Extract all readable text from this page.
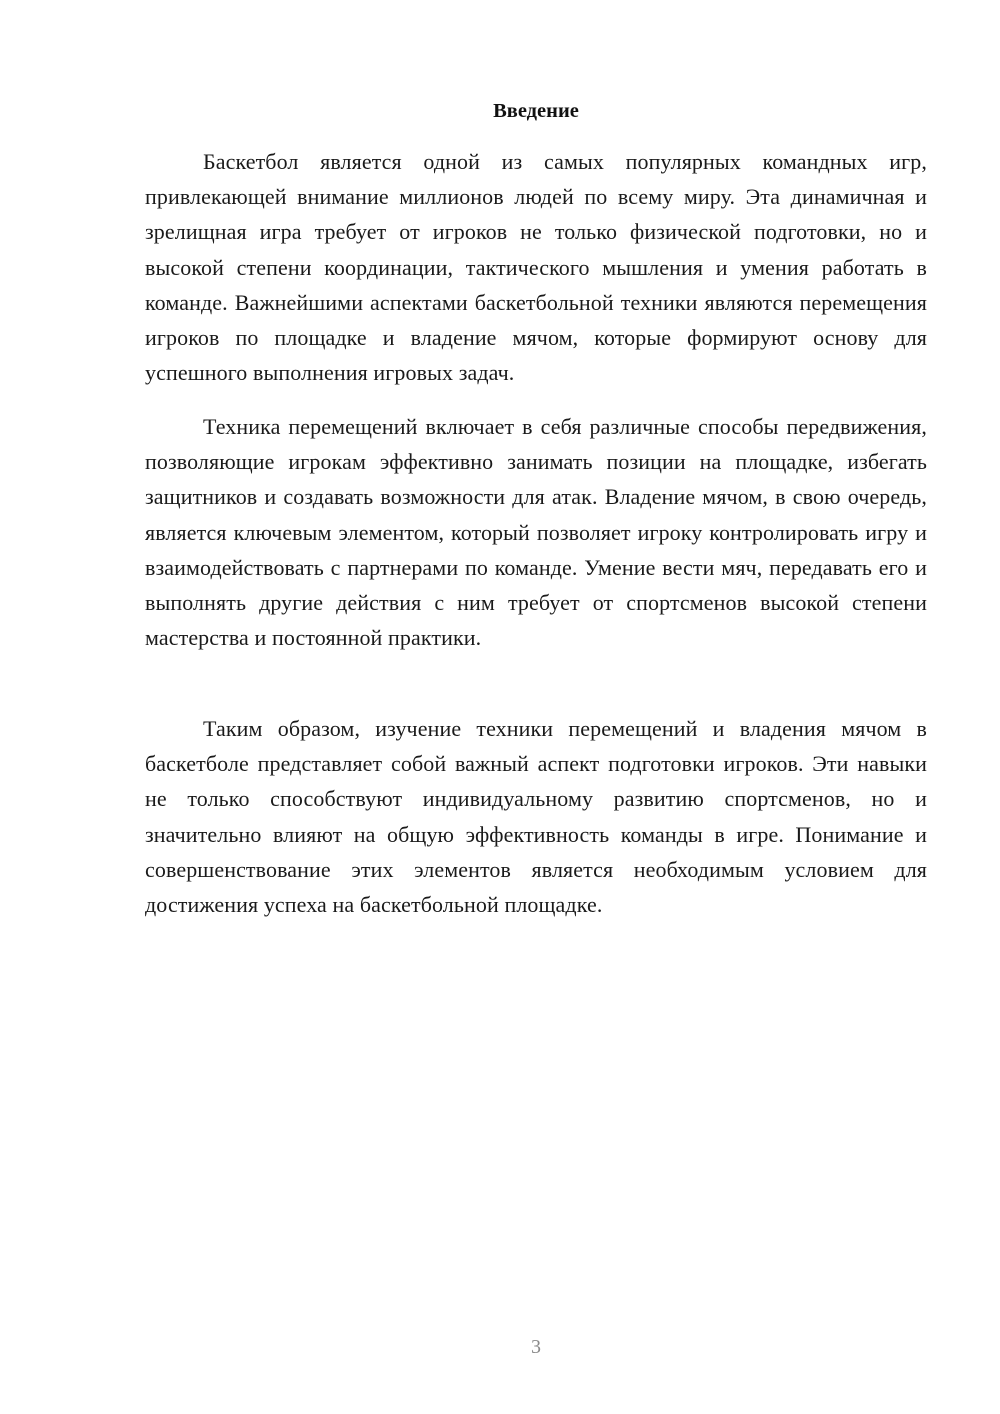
Введение

Баскетбол является одной из самых популярных командных игр, привлекающей внимание миллионов людей по всему миру. Эта динамичная и зрелищная игра требует от игроков не только физической подготовки, но и высокой степени координации, тактического мышления и умения работать в команде. Важнейшими аспектами баскетбольной техники являются перемещения игроков по площадке и владение мячом, которые формируют основу для успешного выполнения игровых задач.

Техника перемещений включает в себя различные способы передвижения, позволяющие игрокам эффективно занимать позиции на площадке, избегать защитников и создавать возможности для атак. Владение мячом, в свою очередь, является ключевым элементом, который позволяет игроку контролировать игру и взаимодействовать с партнерами по команде. Умение вести мяч, передавать его и выполнять другие действия с ним требует от спортсменов высокой степени мастерства и постоянной практики.

Таким образом, изучение техники перемещений и владения мячом в баскетболе представляет собой важный аспект подготовки игроков. Эти навыки не только способствуют индивидуальному развитию спортсменов, но и значительно влияют на общую эффективность команды в игре. Понимание и совершенствование этих элементов является необходимым условием для достижения успеха на баскетбольной площадке.

3
